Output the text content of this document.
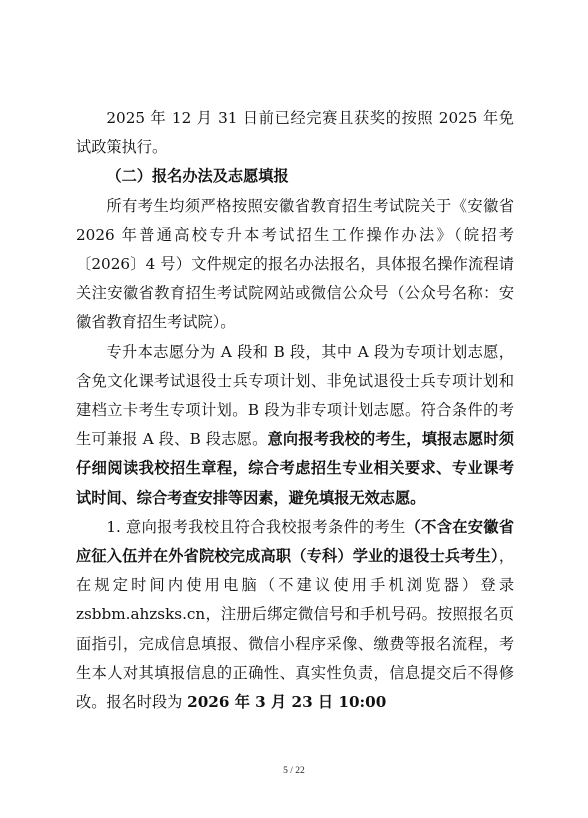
2025 年 12 月 31 日前已经完赛且获奖的按照 2025 年免试政策执行。

（二）报名办法及志愿填报

所有考生均须严格按照安徽省教育招生考试院关于《安徽省 2026 年普通高校专升本考试招生工作操作办法》（皖招考〔2026〕4 号）文件规定的报名办法报名，具体报名操作流程请关注安徽省教育招生考试院网站或微信公众号（公众号名称：安徽省教育招生考试院）。

专升本志愿分为 A 段和 B 段，其中 A 段为专项计划志愿，含免文化课考试退役士兵专项计划、非免试退役士兵专项计划和建档立卡考生专项计划。B 段为非专项计划志愿。符合条件的考生可兼报 A 段、B 段志愿。意向报考我校的考生，填报志愿时须仔细阅读我校招生章程，综合考虑招生专业相关要求、专业课考试时间、综合考查安排等因素，避免填报无效志愿。

1. 意向报考我校且符合我校报考条件的考生（不含在安徽省应征入伍并在外省院校完成高职（专科）学业的退役士兵考生），在规定时间内使用电脑（不建议使用手机浏览器）登录 zsbbm.ahzsks.cn，注册后绑定微信号和手机号码。按照报名页面指引，完成信息填报、微信小程序采像、缴费等报名流程，考生本人对其填报信息的正确性、真实性负责，信息提交后不得修改。报名时段为 2026 年 3 月 23 日 10:00

5 / 22
